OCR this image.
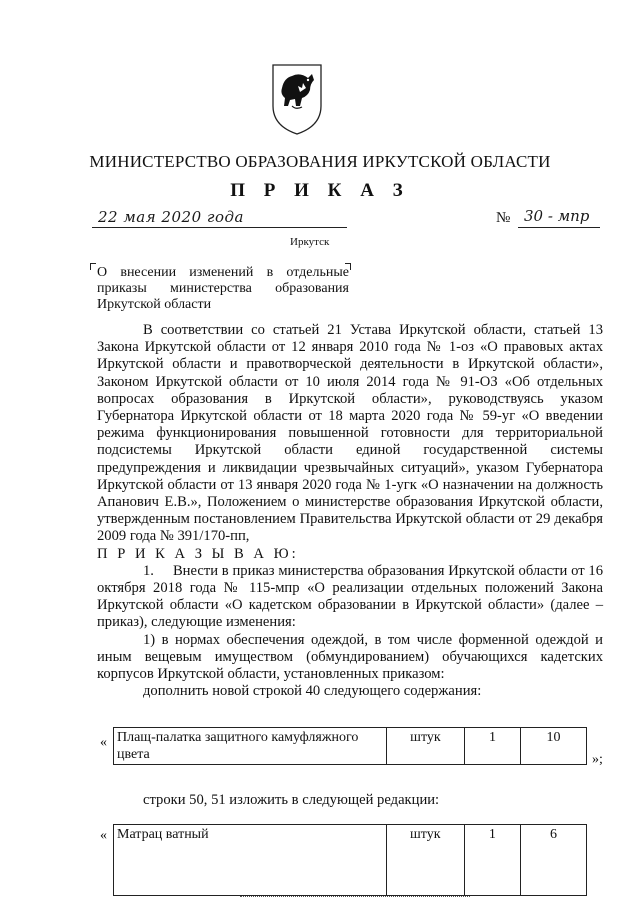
МИНИСТЕРСТВО ОБРАЗОВАНИЯ ИРКУТСКОЙ ОБЛАСТИ
П Р И К А З
22 мая 2020 года	№ 30 - мпр
Иркутск
О внесении изменений в отдельные приказы министерства образования Иркутской области

В соответствии со статьей 21 Устава Иркутской области, статьей 13 Закона Иркутской области от 12 января 2010 года № 1-оз «О правовых актах Иркутской области и правотворческой деятельности в Иркутской области», Законом Иркутской области от 10 июля 2014 года № 91-ОЗ «Об отдельных вопросах образования в Иркутской области», руководствуясь указом Губернатора Иркутской области от 18 марта 2020 года № 59-уг «О введении режима функционирования повышенной готовности для территориальной подсистемы Иркутской области единой государственной системы предупреждения и ликвидации чрезвычайных ситуаций», указом Губернатора Иркутской области от 13 января 2020 года № 1-угк «О назначении на должность Апанович Е.В.», Положением о министерстве образования Иркутской области, утвержденным постановлением Правительства Иркутской области от 29 декабря 2009 года № 391/170-пп,

П Р И К А З Ы В А Ю:

1.     Внести в приказ министерства образования Иркутской области от 16 октября 2018 года № 115-мпр «О реализации отдельных положений Закона Иркутской области «О кадетском образовании в Иркутской области» (далее – приказ), следующие изменения:

1) в нормах обеспечения одеждой, в том числе форменной одеждой и иным вещевым имуществом (обмундированием) обучающихся кадетских корпусов Иркутской области, установленных приказом:

дополнить новой строкой 40 следующего содержания:

« Плащ-палатка защитного камуфляжного цвета	штук	1	10
»;
строки 50, 51 изложить в следующей редакции:
« Матрац ватный	штук	1	6
